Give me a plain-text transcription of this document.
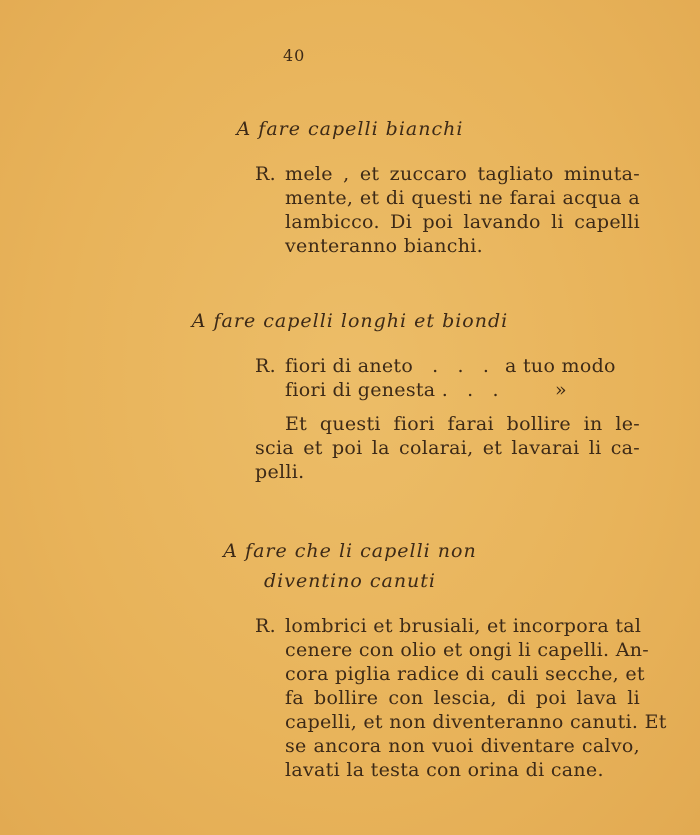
40
A fare capelli bianchi
R. mele , et zuccaro tagliato minuta-
mente, et di questi ne farai acqua a
lambicco. Di poi lavando li capelli
venteranno bianchi.
A fare capelli longhi et biondi
R. fiori di aneto   .   .   . a tuo modo
fiori di genesta .   .   .	»
Et questi fiori farai bollire in le-
scia et poi la colarai, et lavarai li ca-
pelli.
A fare che li capelli non
diventino canuti
R. lombrici et brusiali, et incorpora tal
cenere con olio et ongi li capelli. An-
cora piglia radice di cauli secche, et
fa bollire con lescia, di poi lava li
capelli, et non diventeranno canuti. Et
se ancora non vuoi diventare calvo,
lavati la testa con orina di cane.
